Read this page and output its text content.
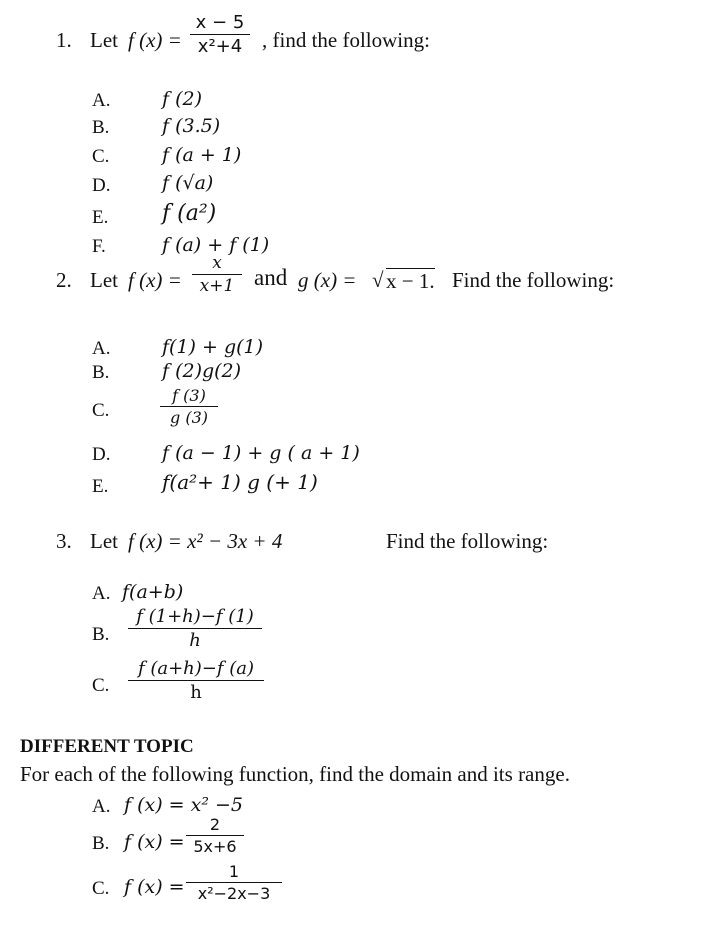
1. Let f (x) =
x − 5
x²+4 , find the following:
A.	f (2)
B.	f (3.5)
C.	f (a + 1)
D.	f (√a)
E. f (a²)
F.	f (a) + f (1)
2. Let f (x) =
x
x+1 and g (x) = √ x − 1. Find the following:
A.	f(1) + g(1)
B.	f (2)g(2)
C.
f (3)
g (3)
D.	f (a − 1) + g ( a + 1)
E.	f(a²+ 1) g (+ 1)
3. Let f (x) = x² − 3x + 4	Find the following:
A. f(a+b)
B.
f (1+h)−f (1)
h
C.
f (a+h)−f (a)
h
DIFFERENT TOPIC
For each of the following function, find the domain and its range.
A. f (x) = x² −5
B. f (x) =
2
5x+6
C. f (x) =
1
x²−2x−3
